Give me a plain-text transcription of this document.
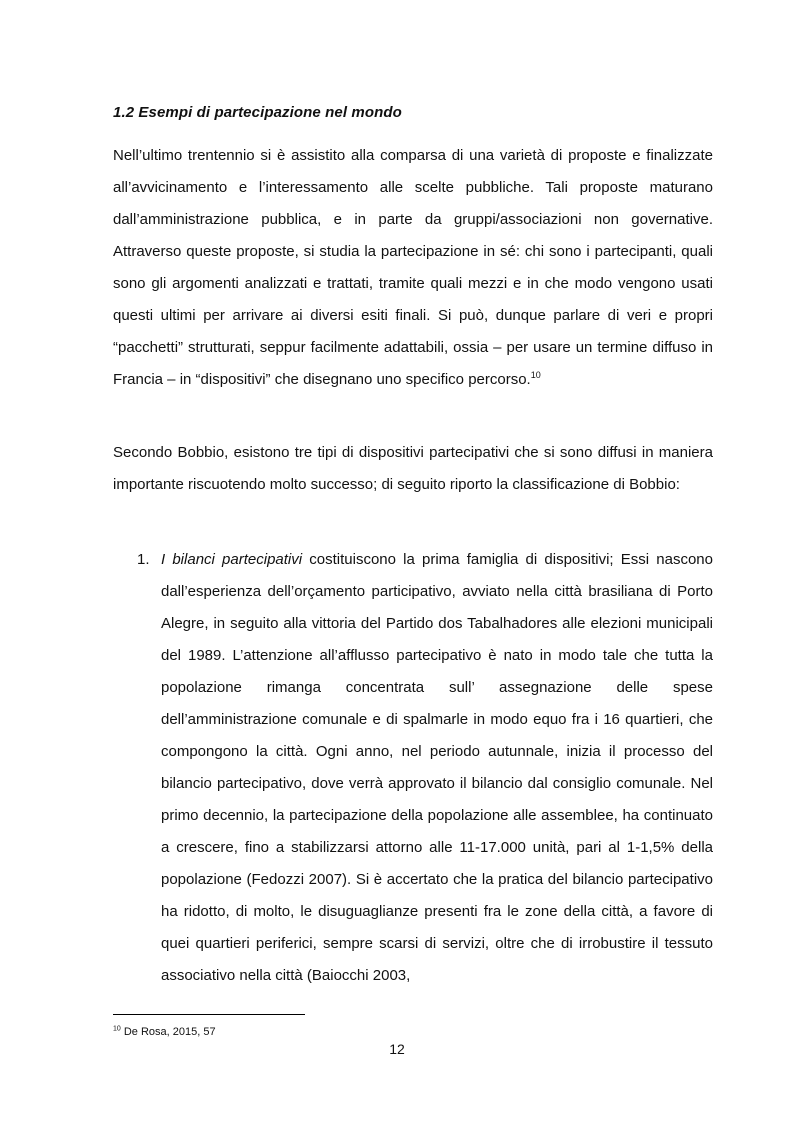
1.2 Esempi di partecipazione nel mondo

Nell’ultimo trentennio si è assistito alla comparsa di una varietà di proposte e finalizzate all’avvicinamento e l’interessamento alle scelte pubbliche. Tali proposte maturano dall’amministrazione pubblica, e in parte da gruppi/associazioni non governative. Attraverso queste proposte, si studia la partecipazione in sé: chi sono i partecipanti, quali sono gli argomenti analizzati e trattati, tramite quali mezzi e in che modo vengono usati questi ultimi per arrivare ai diversi esiti finali. Si può, dunque parlare di veri e propri “pacchetti” strutturati, seppur facilmente adattabili, ossia – per usare un termine diffuso in Francia – in “dispositivi” che disegnano uno specifico percorso.$^{10}$

Secondo Bobbio, esistono tre tipi di dispositivi partecipativi che si sono diffusi in maniera importante riscuotendo molto successo; di seguito riporto la classificazione di Bobbio:

1. I bilanci partecipativi costituiscono la prima famiglia di dispositivi; Essi nascono dall’esperienza dell’orçamento participativo, avviato nella città brasiliana di Porto Alegre, in seguito alla vittoria del Partido dos Tabalhadores alle elezioni municipali del 1989. L’attenzione all’afflusso partecipativo è nato in modo tale che tutta la popolazione rimanga concentrata sull’ assegnazione delle spese dell’amministrazione comunale e di spalmarle in modo equo fra i 16 quartieri, che compongono la città. Ogni anno, nel periodo autunnale, inizia il processo del bilancio partecipativo, dove verrà approvato il bilancio dal consiglio comunale. Nel primo decennio, la partecipazione della popolazione alle assemblee, ha continuato a crescere, fino a stabilizzarsi attorno alle 11-17.000 unità, pari al 1-1,5% della popolazione (Fedozzi 2007). Si è accertato che la pratica del bilancio partecipativo ha ridotto, di molto, le disuguaglianze presenti fra le zone della città, a favore di quei quartieri periferici, sempre scarsi di servizi, oltre che di irrobustire il tessuto associativo nella città (Baiocchi 2003,
$^{10}$ De Rosa, 2015, 57
12
